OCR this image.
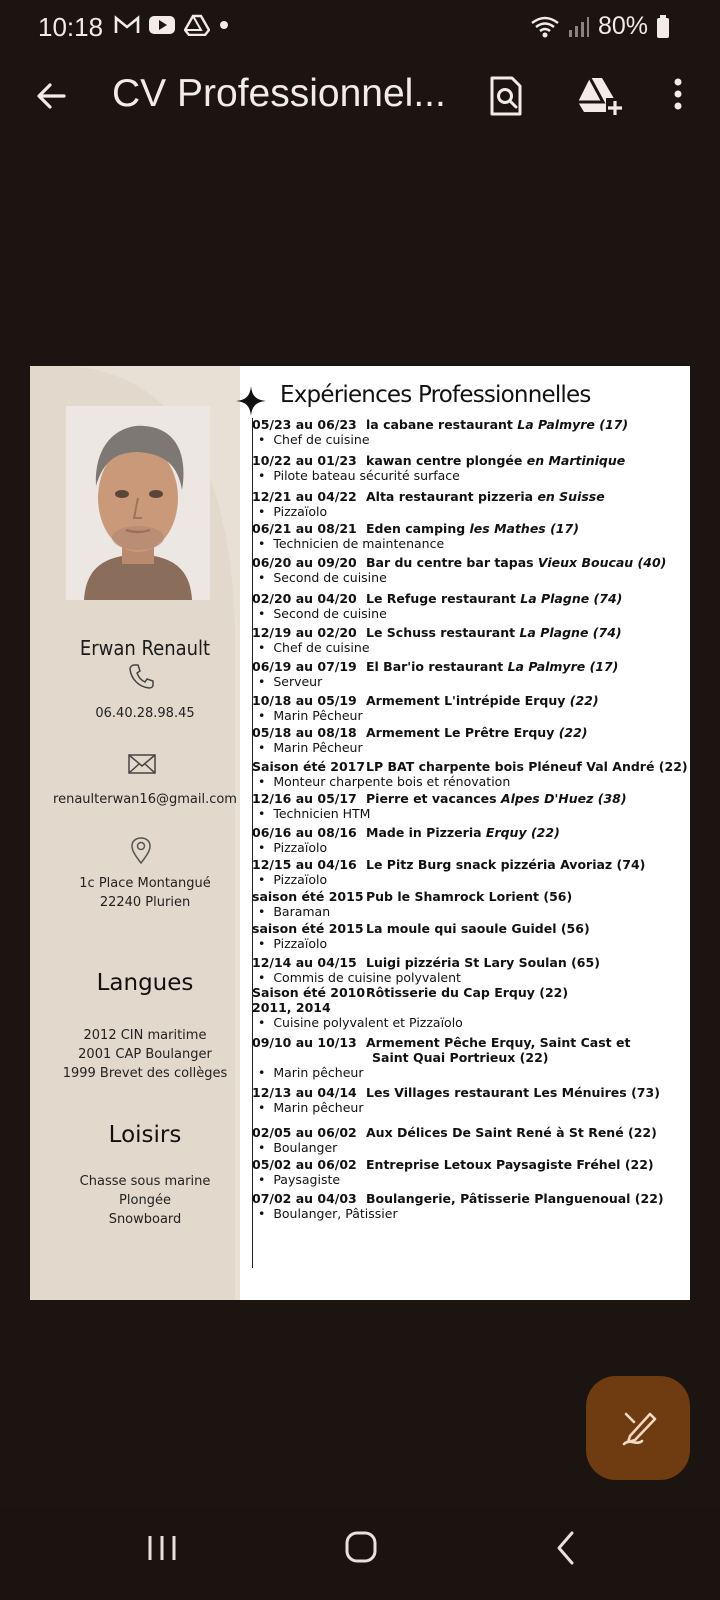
10:18	80%
CV Professionnel...
Erwan Renault
06.40.28.98.45
renaulterwan16@gmail.com
1c Place Montangué
22240 Plurien
Langues
2012 CIN maritime
2001 CAP Boulanger
1999 Brevet des collèges
Loisirs
Chasse sous marine
Plongée
Snowboard
Expériences Professionnelles
05/23 au 06/23 la cabane restaurant La Palmyre (17)
•  Chef de cuisine
10/22 au 01/23 kawan centre plongée en Martinique
•  Pilote bateau sécurité surface
12/21 au 04/22 Alta restaurant pizzeria en Suisse
•  Pizzaïolo
06/21 au 08/21 Eden camping les Mathes (17)
•  Technicien de maintenance
06/20 au 09/20 Bar du centre bar tapas Vieux Boucau (40)
•  Second de cuisine
02/20 au 04/20 Le Refuge restaurant La Plagne (74)
•  Second de cuisine
12/19 au 02/20 Le Schuss restaurant La Plagne (74)
•  Chef de cuisine
06/19 au 07/19 El Bar'io restaurant La Palmyre (17)
•  Serveur
10/18 au 05/19 Armement L'intrépide Erquy (22)
•  Marin Pêcheur
05/18 au 08/18 Armement Le Prêtre Erquy (22)
•  Marin Pêcheur
Saison été 2017LP BAT charpente bois Pléneuf Val André (22)
•  Monteur charpente bois et rénovation
12/16 au 05/17 Pierre et vacances Alpes D'Huez (38)
•  Technicien HTM
06/16 au 08/16 Made in Pizzeria Erquy (22)
•  Pizzaïolo
12/15 au 04/16 Le Pitz Burg snack pizzéria Avoriaz (74)
•  Pizzaïolo
saison été 2015 Pub le Shamrock Lorient (56)
•  Baraman
saison été 2015 La moule qui saoule Guidel (56)
•  Pizzaïolo
12/14 au 04/15 Luigi pizzéria St Lary Soulan (65)
•  Commis de cuisine polyvalent
Saison été 2010Rôtisserie du Cap Erquy (22)
2011, 2014
•  Cuisine polyvalent et Pizzaïolo
09/10 au 10/13 Armement Pêche Erquy, Saint Cast et
Saint Quai Portrieux (22)
•  Marin pêcheur
12/13 au 04/14 Les Villages restaurant Les Ménuires (73)
•  Marin pêcheur
02/05 au 06/02 Aux Délices De Saint René à St René (22)
•  Boulanger
05/02 au 06/02 Entreprise Letoux Paysagiste Fréhel (22)
•  Paysagiste
07/02 au 04/03 Boulangerie, Pâtisserie Planguenoual (22)
•  Boulanger, Pâtissier
